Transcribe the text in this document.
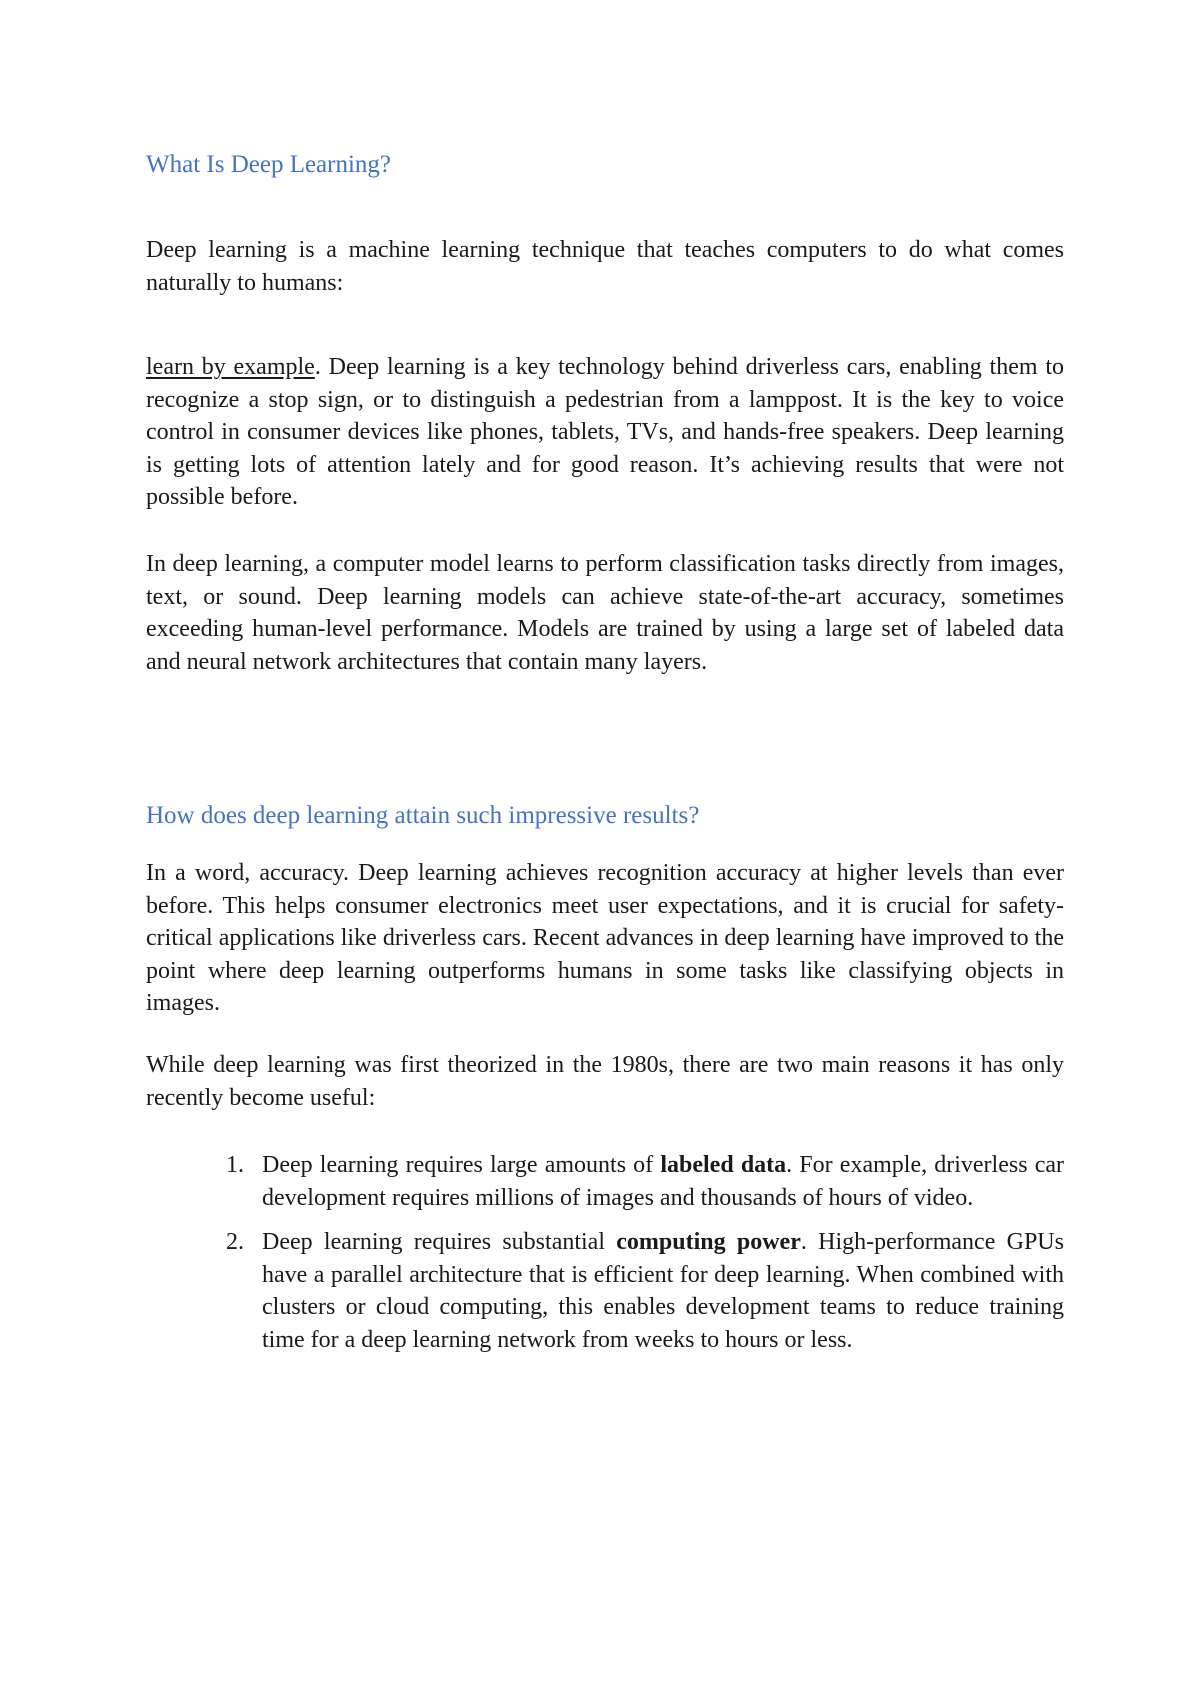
What Is Deep Learning?

Deep learning is a machine learning technique that teaches computers to do what comes naturally to humans:

learn by example. Deep learning is a key technology behind driverless cars, enabling them to recognize a stop sign, or to distinguish a pedestrian from a lamppost. It is the key to voice control in consumer devices like phones, tablets, TVs, and hands-free speakers. Deep learning is getting lots of attention lately and for good reason. It’s achieving results that were not possible before.

In deep learning, a computer model learns to perform classification tasks directly from images, text, or sound. Deep learning models can achieve state-of-the-art accuracy, sometimes exceeding human-level performance. Models are trained by using a large set of labeled data and neural network architectures that contain many layers.

How does deep learning attain such impressive results?

In a word, accuracy. Deep learning achieves recognition accuracy at higher levels than ever before. This helps consumer electronics meet user expectations, and it is crucial for safety-critical applications like driverless cars. Recent advances in deep learning have improved to the point where deep learning outperforms humans in some tasks like classifying objects in images.

While deep learning was first theorized in the 1980s, there are two main reasons it has only recently become useful:

1. Deep learning requires large amounts of labeled data. For example, driverless car development requires millions of images and thousands of hours of video.
2. Deep learning requires substantial computing power. High-performance GPUs have a parallel architecture that is efficient for deep learning. When combined with clusters or cloud computing, this enables development teams to reduce training time for a deep learning network from weeks to hours or less.
